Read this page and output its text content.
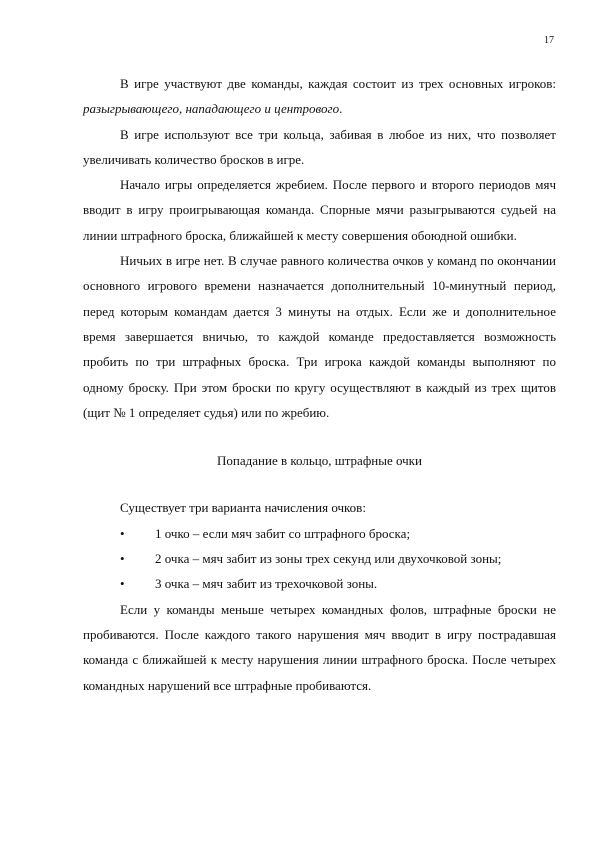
17

В игре участвуют две команды, каждая состоит из трех основных игроков: разыгрывающего, нападающего и центрового.

В игре используют все три кольца, забивая в любое из них, что позволяет увеличивать количество бросков в игре.

Начало игры определяется жребием. После первого и второго периодов мяч вводит в игру проигрывающая команда. Спорные мячи разыгрываются судьей на линии штрафного броска, ближайшей к месту совершения обоюдной ошибки.

Ничьих в игре нет. В случае равного количества очков у команд по окончании основного игрового времени назначается дополнительный 10-минутный период, перед которым командам дается 3 минуты на отдых. Если же и дополнительное время завершается вничью, то каждой команде предоставляется возможность пробить по три штрафных броска. Три игрока каждой команды выполняют по одному броску. При этом броски по кругу осуществляют в каждый из трех щитов (щит № 1 определяет судья) или по жребию.

Попадание в кольцо, штрафные очки

Существует три варианта начисления очков:

• 1 очко – если мяч забит со штрафного броска;
• 2 очка – мяч забит из зоны трех секунд или двухочковой зоны;
• 3 очка – мяч забит из трехочковой зоны.

Если у команды меньше четырех командных фолов, штрафные броски не пробиваются. После каждого такого нарушения мяч вводит в игру пострадавшая команда с ближайшей к месту нарушения линии штрафного броска. После четырех командных нарушений все штрафные пробиваются.
